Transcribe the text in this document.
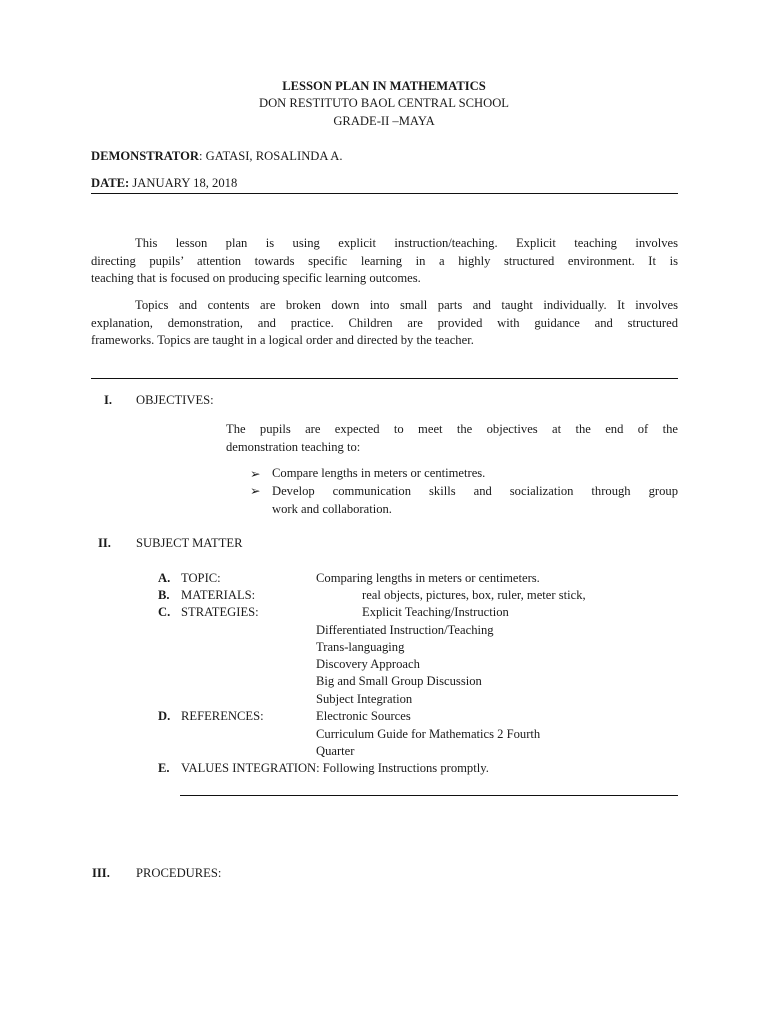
LESSON PLAN IN MATHEMATICS
DON RESTITUTO BAOL CENTRAL SCHOOL
GRADE-II –MAYA
DEMONSTRATOR: GATASI, ROSALINDA A.
DATE: JANUARY 18, 2018
This lesson plan is using explicit instruction/teaching. Explicit teaching involves
directing pupils’ attention towards specific learning in a highly structured environment. It is
teaching that is focused on producing specific learning outcomes.
Topics and contents are broken down into small parts and taught individually. It involves
explanation, demonstration, and practice. Children are provided with guidance and structured
frameworks. Topics are taught in a logical order and directed by the teacher.
I. OBJECTIVES:
The pupils are expected to meet the objectives at the end of the
demonstration teaching to:
➢ Compare lengths in meters or centimetres.
➢ Develop communication skills and socialization through group
work and collaboration.
II. SUBJECT MATTER
A. TOPIC:	Comparing lengths in meters or centimeters.
B. MATERIALS:	real objects, pictures, box, ruler, meter stick,
C. STRATEGIES:	Explicit Teaching/Instruction
Differentiated Instruction/Teaching
Trans-languaging
Discovery Approach
Big and Small Group Discussion
Subject Integration
D. REFERENCES:	Electronic Sources
Curriculum Guide for Mathematics 2 Fourth
Quarter
E. VALUES INTEGRATION: Following Instructions promptly.
III. PROCEDURES:
